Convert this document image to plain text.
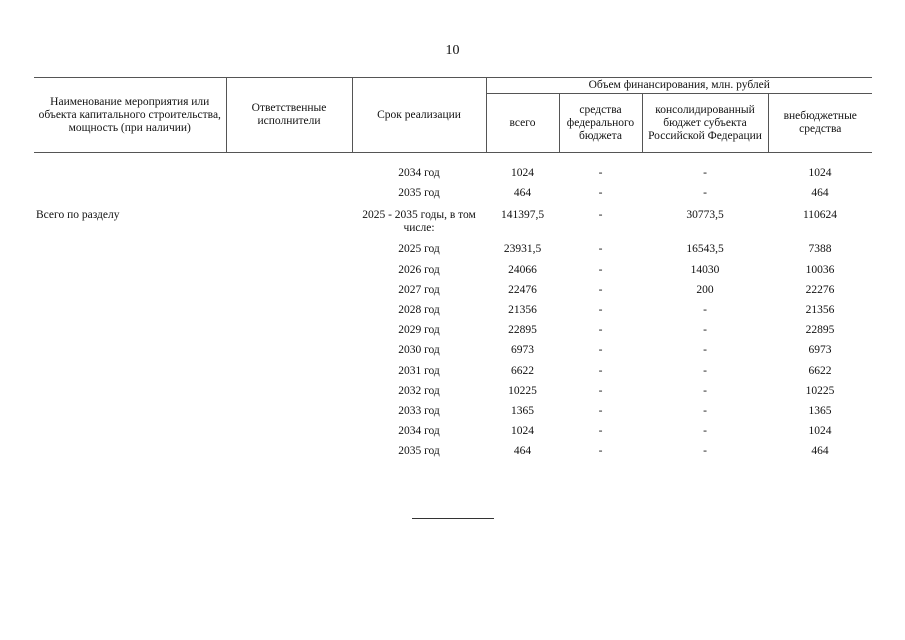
10
Наименование мероприятия или объекта капитального строительства, мощность (при наличии)	Ответственные исполнители	Срок реализации	Объем финансирования, млн. рублей			
			всего	средства федерального бюджета	консолидированный бюджет субъекта Российской Федерации	внебюджетные средства

		2034 год	1024	-	-	1024
		2035 год	464	-	-	464
Всего по разделу		2025 - 2035 годы, в том числе:	141397,5	-	30773,5	110624
		2025 год	23931,5	-	16543,5	7388
		2026 год	24066	-	14030	10036
		2027 год	22476	-	200	22276
		2028 год	21356	-	-	21356
		2029 год	22895	-	-	22895
		2030 год	6973	-	-	6973
		2031 год	6622	-	-	6622
		2032 год	10225	-	-	10225
		2033 год	1365	-	-	1365
		2034 год	1024	-	-	1024
		2035 год	464	-	-	464
